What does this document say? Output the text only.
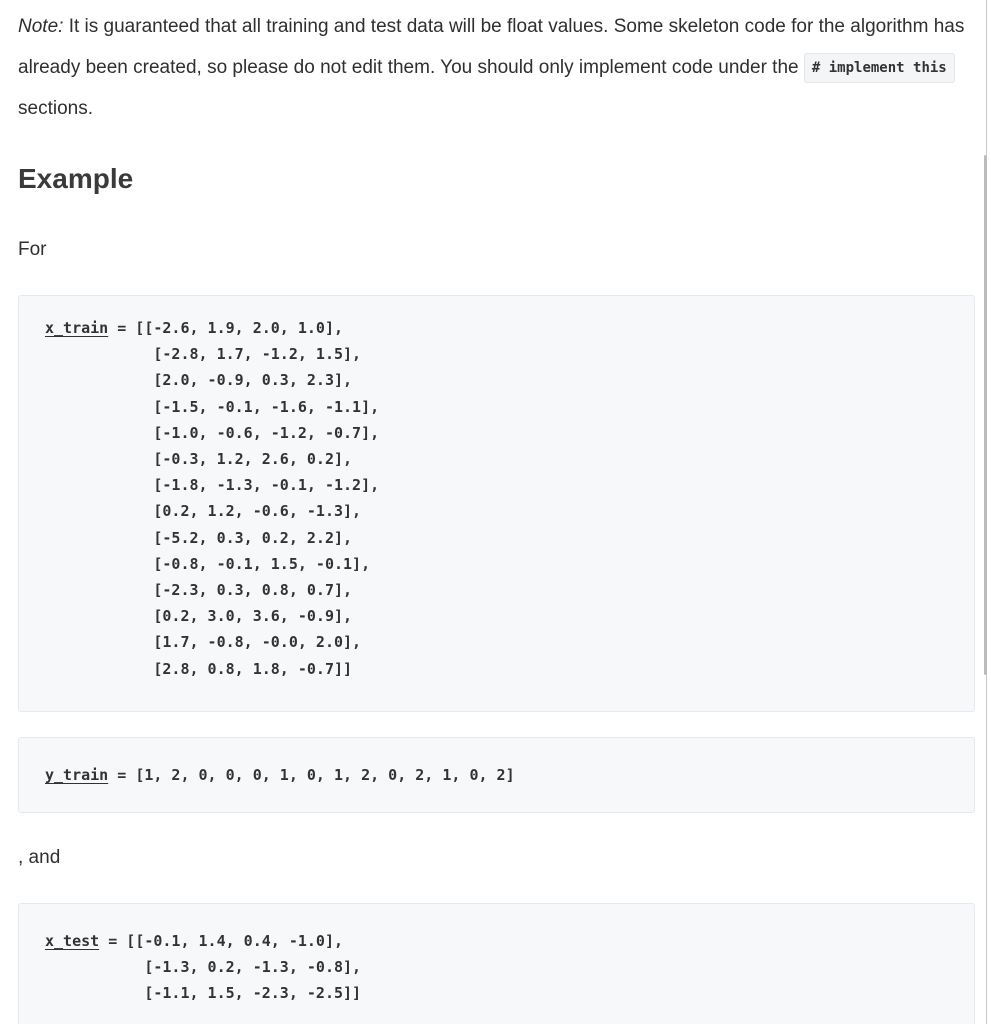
Note: It is guaranteed that all training and test data will be float values. Some skeleton code for the algorithm has already been created, so please do not edit them. You should only implement code under the # implement this sections.

Example

For

x_train = [[-2.6, 1.9, 2.0, 1.0],
[-2.8, 1.7, -1.2, 1.5],
[2.0, -0.9, 0.3, 2.3],
[-1.5, -0.1, -1.6, -1.1],
[-1.0, -0.6, -1.2, -0.7],
[-0.3, 1.2, 2.6, 0.2],
[-1.8, -1.3, -0.1, -1.2],
[0.2, 1.2, -0.6, -1.3],
[-5.2, 0.3, 0.2, 2.2],
[-0.8, -0.1, 1.5, -0.1],
[-2.3, 0.3, 0.8, 0.7],
[0.2, 3.0, 3.6, -0.9],
[1.7, -0.8, -0.0, 2.0],
[2.8, 0.8, 1.8, -0.7]]
y_train = [1, 2, 0, 0, 0, 1, 0, 1, 2, 0, 2, 1, 0, 2]

, and

x_test = [[-0.1, 1.4, 0.4, -1.0],
[-1.3, 0.2, -1.3, -0.8],
[-1.1, 1.5, -2.3, -2.5]]
